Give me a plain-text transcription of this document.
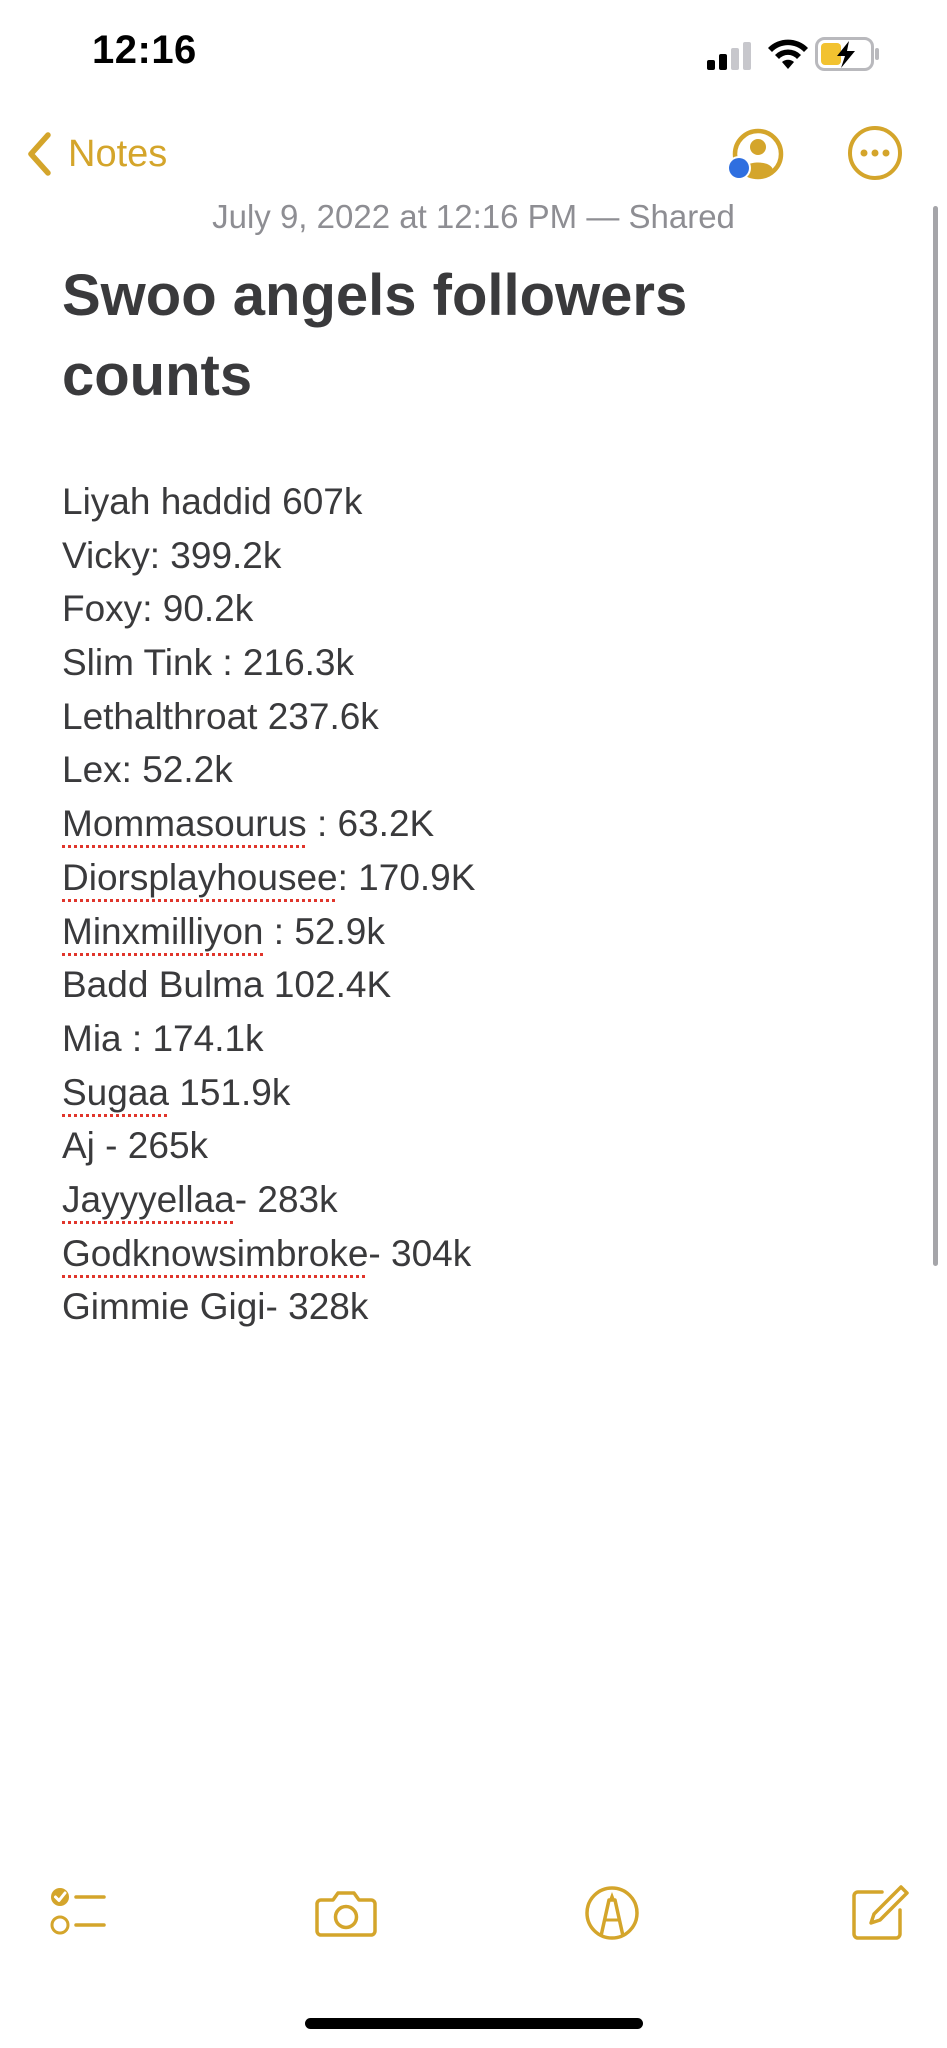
12:16
Notes
July 9, 2022 at 12:16 PM — Shared
Swoo angels followers counts
Liyah haddid 607k
Vicky: 399.2k
Foxy: 90.2k
Slim Tink : 216.3k
Lethalthroat 237.6k
Lex: 52.2k
Mommasourus : 63.2K
Diorsplayhousee: 170.9K
Minxmilliyon : 52.9k
Badd Bulma 102.4K
Mia : 174.1k
Sugaa 151.9k
Aj - 265k
Jayyyellaa- 283k
Godknowsimbroke- 304k
Gimmie Gigi- 328k
